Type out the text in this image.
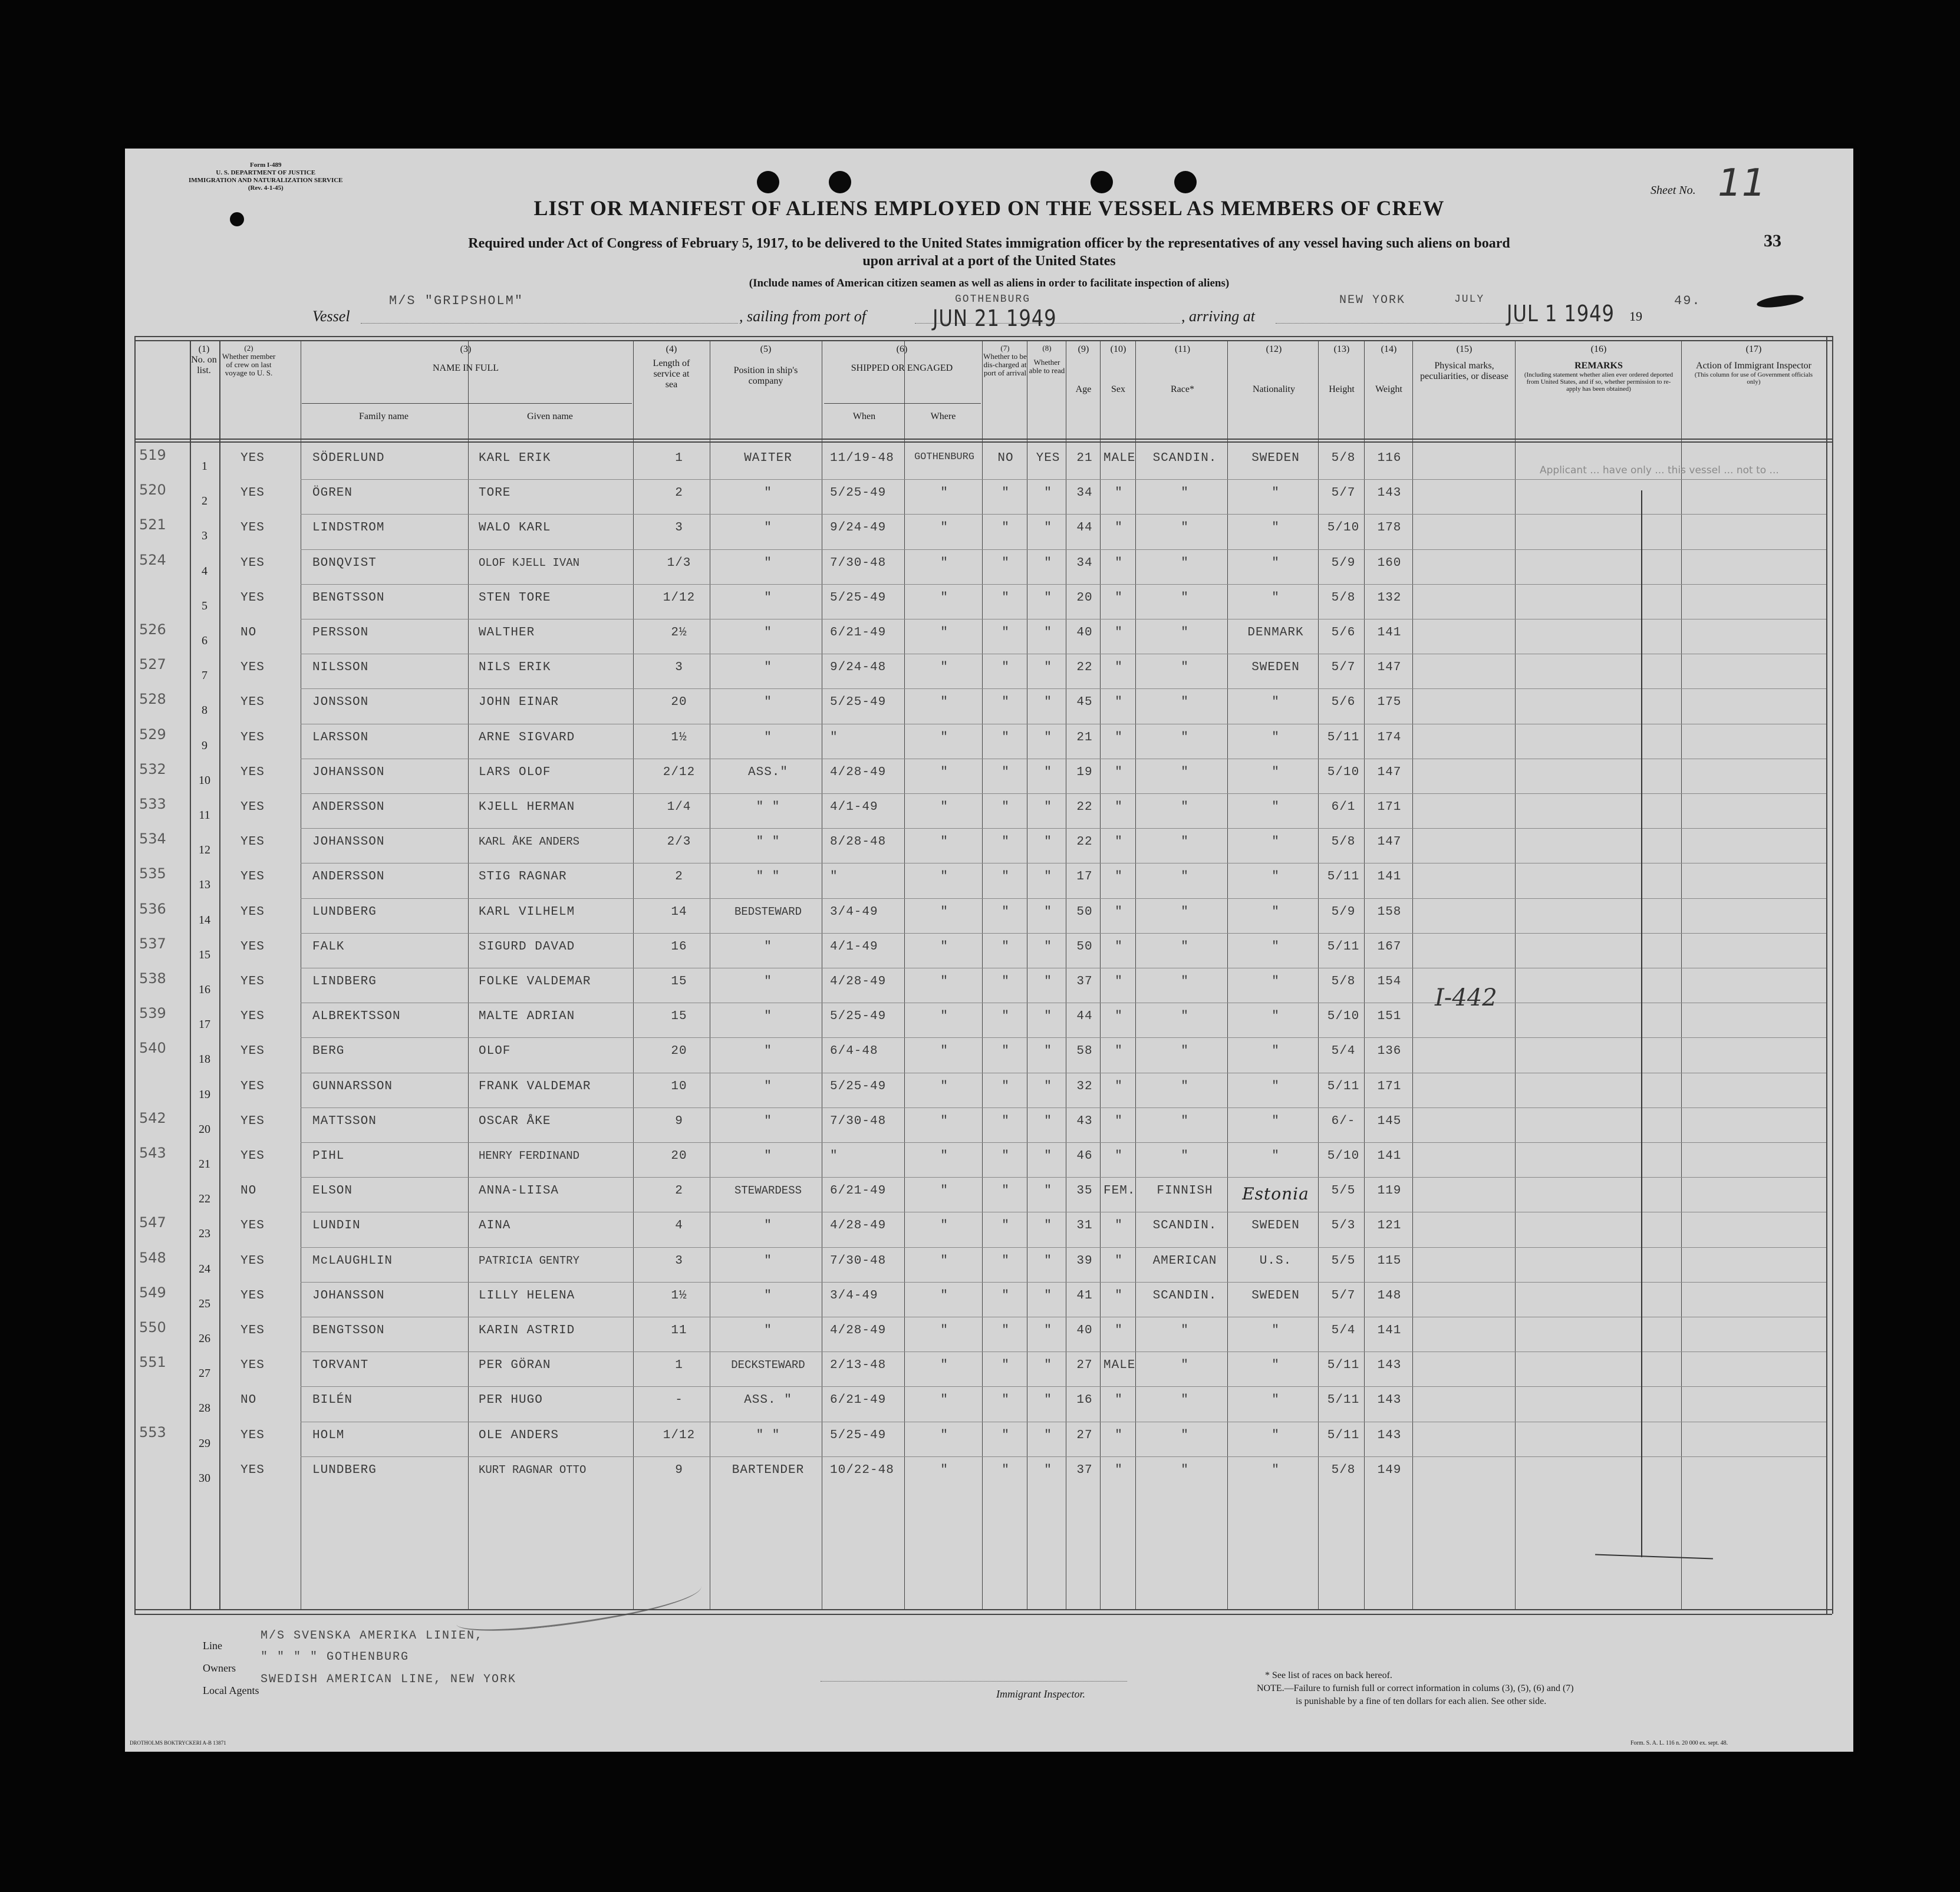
Form I-489
U. S. DEPARTMENT OF JUSTICE
IMMIGRATION AND NATURALIZATION SERVICE
(Rev. 4-1-45)
LIST OR MANIFEST OF ALIENS EMPLOYED ON THE VESSEL AS MEMBERS OF CREW
Required under Act of Congress of February 5, 1917, to be delivered to the United States immigration officer by the representatives of any vessel having such aliens on board
upon arrival at a port of the United States
(Include names of American citizen seamen as well as aliens in order to facilitate inspection of aliens)
Sheet No. 11
33
Vessel
M/S "GRIPSHOLM"
, sailing from port of
GOTHENBURG
JUN 21 1949	, arriving at
NEW YORK	JULY
JUL 1 1949 19
49.
(1)
No. on list.
(2)
Whether member of crew on last voyage to U. S.
(3)
NAME IN FULL
Family name	Given name
(4)
Length of service at sea
(5)
Position in ship's company
(6)
SHIPPED OR ENGAGED
When	Where
(7)
Whether to be dis-charged at port of arrival
(8)
Whether able to read
(9)
Age
(10)
Sex
(11)
Race*
(12)
Nationality
(13)
Height
(14)
Weight
(15)
Physical marks, peculiarities, or disease
(16)
REMARKS
(Including statement whether alien ever ordered deported from United States, and if so, whether permission to re-apply has been obtained)
(17)
Action of Immigrant Inspector
(This column for use of Government officials only)
519
1
YES	SÖDERLUND	KARL ERIK	1	WAITER	11/19-48	GOTHENBURG	NO	YES	21 MALE	SCANDIN.	SWEDEN	5/8	116
520
2
YES	ÖGREN	TORE	2	"	5/25-49	"	"	"	34	"	"	"	5/7	143
521
3
YES	LINDSTROM	WALO KARL	3	"	9/24-49	"	"	"	44	"	"	"	5/10	178
524
4
YES	BONQVIST	OLOF KJELL IVAN	1/3	"	7/30-48	"	"	"	34	"	"	"	5/9	160
5
YES	BENGTSSON	STEN TORE	1/12	"	5/25-49	"	"	"	20	"	"	"	5/8	132
526
6
NO	PERSSON	WALTHER	2½	"	6/21-49	"	"	"	40	"	"	DENMARK	5/6	141
527
7
YES	NILSSON	NILS ERIK	3	"	9/24-48	"	"	"	22	"	"	SWEDEN	5/7	147
528
8
YES	JONSSON	JOHN EINAR	20	"	5/25-49	"	"	"	45	"	"	"	5/6	175
529
9
YES	LARSSON	ARNE SIGVARD	1½	"	"	"	"	"	21	"	"	"	5/11	174
532
10
YES	JOHANSSON	LARS OLOF	2/12	ASS."	4/28-49	"	"	"	19	"	"	"	5/10	147
533
11
YES	ANDERSSON	KJELL HERMAN	1/4	" "	4/1-49	"	"	"	22	"	"	"	6/1	171
534
12
YES	JOHANSSON	KARL ÅKE ANDERS	2/3	" "	8/28-48	"	"	"	22	"	"	"	5/8	147
535
13
YES	ANDERSSON	STIG RAGNAR	2	" "	"	"	"	"	17	"	"	"	5/11	141
536
14
YES	LUNDBERG	KARL VILHELM	14	BEDSTEWARD	3/4-49	"	"	"	50	"	"	"	5/9	158
537
15
YES	FALK	SIGURD DAVAD	16	"	4/1-49	"	"	"	50	"	"	"	5/11	167
538
16
YES	LINDBERG	FOLKE VALDEMAR	15	"	4/28-49	"	"	"	37	"	"	"	5/8	154
539
17
YES	ALBREKTSSON	MALTE ADRIAN	15	"	5/25-49	"	"	"	44	"	"	"	5/10	151
540
18
YES	BERG	OLOF	20	"	6/4-48	"	"	"	58	"	"	"	5/4	136
19
YES	GUNNARSSON	FRANK VALDEMAR	10	"	5/25-49	"	"	"	32	"	"	"	5/11	171
542
20
YES	MATTSSON	OSCAR ÅKE	9	"	7/30-48	"	"	"	43	"	"	"	6/-	145
543
21
YES	PIHL	HENRY FERDINAND	20	"	"	"	"	"	46	"	"	"	5/10	141
22
NO	ELSON	ANNA-LIISA	2	STEWARDESS	6/21-49	"	"	"	35 FEM.	FINNISH	Estonia	5/5	119
547
23
YES	LUNDIN	AINA	4	"	4/28-49	"	"	"	31	"	SCANDIN.	SWEDEN	5/3	121
548
24
YES	McLAUGHLIN	PATRICIA GENTRY	3	"	7/30-48	"	"	"	39	"	AMERICAN	U.S.	5/5	115
549
25
YES	JOHANSSON	LILLY HELENA	1½	"	3/4-49	"	"	"	41	"	SCANDIN.	SWEDEN	5/7	148
550
26
YES	BENGTSSON	KARIN ASTRID	11	"	4/28-49	"	"	"	40	"	"	"	5/4	141
551
27
YES	TORVANT	PER GÖRAN	1	DECKSTEWARD	2/13-48	"	"	"	27 MALE	"	"	5/11	143
28
NO	BILÉN	PER HUGO	-	ASS. "	6/21-49	"	"	"	16	"	"	"	5/11	143
553
29
YES	HOLM	OLE ANDERS	1/12	" "	5/25-49	"	"	"	27	"	"	"	5/11	143
30
YES	LUNDBERG	KURT RAGNAR OTTO	9	BARTENDER	10/22-48	"	"	"	37	"	"	"	5/8	149
I-442
Applicant ... have only ... this vessel ... not to ...
Line
M/S SVENSKA AMERIKA LINIEN,
Owners
" " " " GOTHENBURG
Local Agents
SWEDISH AMERICAN LINE, NEW YORK
Immigrant Inspector.
* See list of races on back hereof.
NOTE.—Failure to furnish full or correct information in colums (3), (5), (6) and (7)
is punishable by a fine of ten dollars for each alien. See other side.
DROTHOLMS BOKTRYCKERI A-B 13871	Form. S. A. L. 116 n. 20 000 ex. sept. 48.
